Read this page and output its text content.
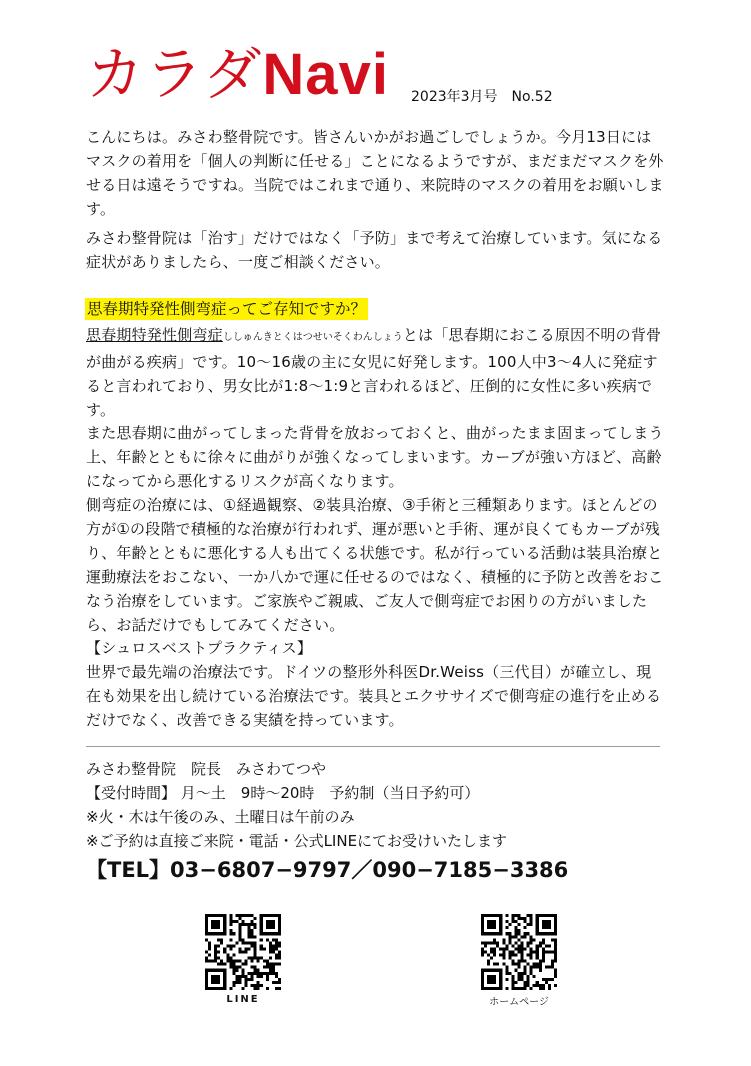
カラダNavi 2023年3月号 No.52

こんにちは。みさわ整骨院です。皆さんいかがお過ごしでしょうか。今月13日にはマスクの着用を「個人の判断に任せる」ことになるようですが、まだまだマスクを外せる日は遠そうですね。当院ではこれまで通り、来院時のマスクの着用をお願いします。

みさわ整骨院は「治す」だけではなく「予防」まで考えて治療しています。気になる症状がありましたら、一度ご相談ください。

思春期特発性側弯症ってご存知ですか？

思春期特発性側弯症ししゅんきとくはつせいそくわんしょうとは「思春期におこる原因不明の背骨が曲がる疾病」です。10〜16歳の主に女児に好発します。100人中3〜4人に発症すると言われており、男女比が1:8〜1:9と言われるほど、圧倒的に女性に多い疾病です。

また思春期に曲がってしまった背骨を放おっておくと、曲がったまま固まってしまう上、年齢とともに徐々に曲がりが強くなってしまいます。カーブが強い方ほど、高齢になってから悪化するリスクが高くなります。

側弯症の治療には、①経過観察、②装具治療、③手術と三種類あります。ほとんどの方が①の段階で積極的な治療が行われず、運が悪いと手術、運が良くてもカーブが残り、年齢とともに悪化する人も出てくる状態です。私が行っている活動は装具治療と運動療法をおこない、一か八かで運に任せるのではなく、積極的に予防と改善をおこなう治療をしています。ご家族やご親戚、ご友人で側弯症でお困りの方がいましたら、お話だけでもしてみてください。

【シュロスベストプラクティス】

世界で最先端の治療法です。ドイツの整形外科医Dr.Weiss（三代目）が確立し、現在も効果を出し続けている治療法です。装具とエクササイズで側弯症の進行を止めるだけでなく、改善できる実績を持っています。

みさわ整骨院　院長　みさわてつや
【受付時間】 月〜土　9時〜20時　予約制（当日予約可）
※火・木は午後のみ、土曜日は午前のみ
※ご予約は直接ご来院・電話・公式LINEにてお受けいたします
【TEL】03−6807−9797／090−7185−3386
LINE	ホームページ
